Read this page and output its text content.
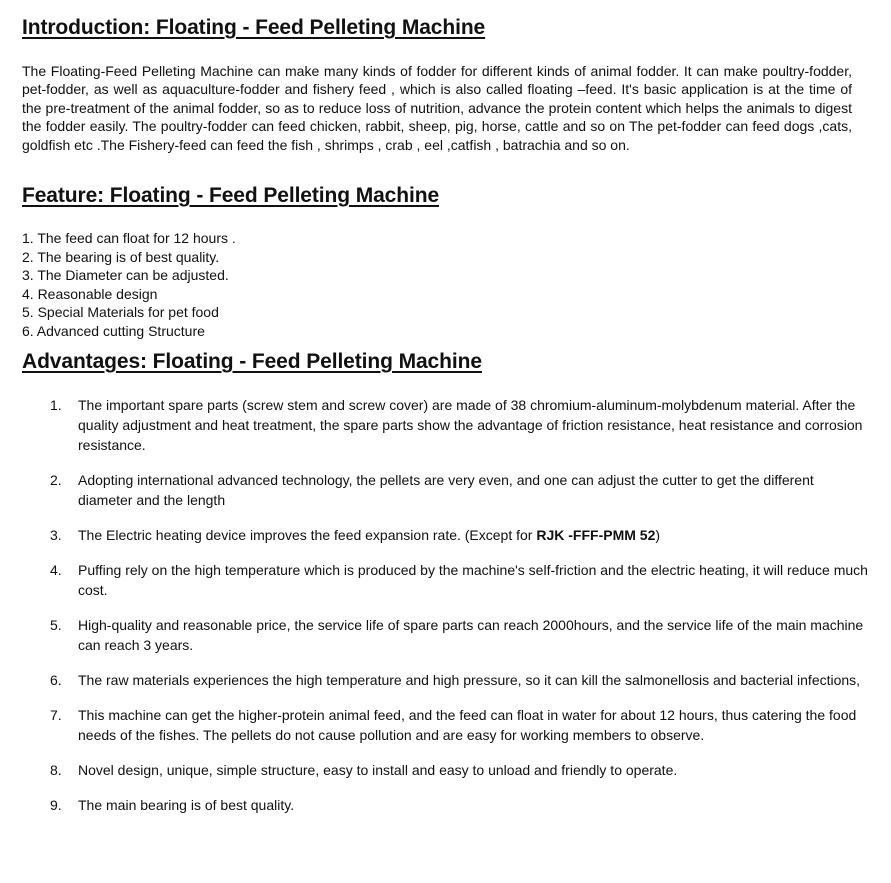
Introduction: Floating - Feed Pelleting Machine

The Floating-Feed Pelleting Machine can make many kinds of fodder for different kinds of animal fodder. It can make poultry-fodder, pet-fodder, as well as aquaculture-fodder and fishery feed , which is also called floating –feed. It's basic application is at the time of the pre-treatment of the animal fodder, so as to reduce loss of nutrition, advance the protein content which helps the animals to digest the fodder easily. The poultry-fodder can feed chicken, rabbit, sheep, pig, horse, cattle and so on The pet-fodder can feed dogs ,cats, goldfish etc .The Fishery-feed can feed the fish , shrimps , crab , eel ,catfish , batrachia and so on.

Feature: Floating - Feed Pelleting Machine
1. The feed can float for 12 hours .
2. The bearing is of best quality.
3. The Diameter can be adjusted.
4. Reasonable design
5. Special Materials for pet food
6. Advanced cutting Structure
Advantages: Floating - Feed Pelleting Machine
1. The important spare parts (screw stem and screw cover) are made of 38 chromium-aluminum-molybdenum material. After the quality adjustment and heat treatment, the spare parts show the advantage of friction resistance, heat resistance and corrosion resistance.
2. Adopting international advanced technology, the pellets are very even, and one can adjust the cutter to get the different diameter and the length
3. The Electric heating device improves the feed expansion rate. (Except for RJK -FFF-PMM 52)
4. Puffing rely on the high temperature which is produced by the machine's self-friction and the electric heating, it will reduce much cost.
5. High-quality and reasonable price, the service life of spare parts can reach 2000hours, and the service life of the main machine can reach 3 years.
6. The raw materials experiences the high temperature and high pressure, so it can kill the salmonellosis and bacterial infections,
7. This machine can get the higher-protein animal feed, and the feed can float in water for about 12 hours, thus catering the food needs of the fishes. The pellets do not cause pollution and are easy for working members to observe.
8. Novel design, unique, simple structure, easy to install and easy to unload and friendly to operate.
9. The main bearing is of best quality.
